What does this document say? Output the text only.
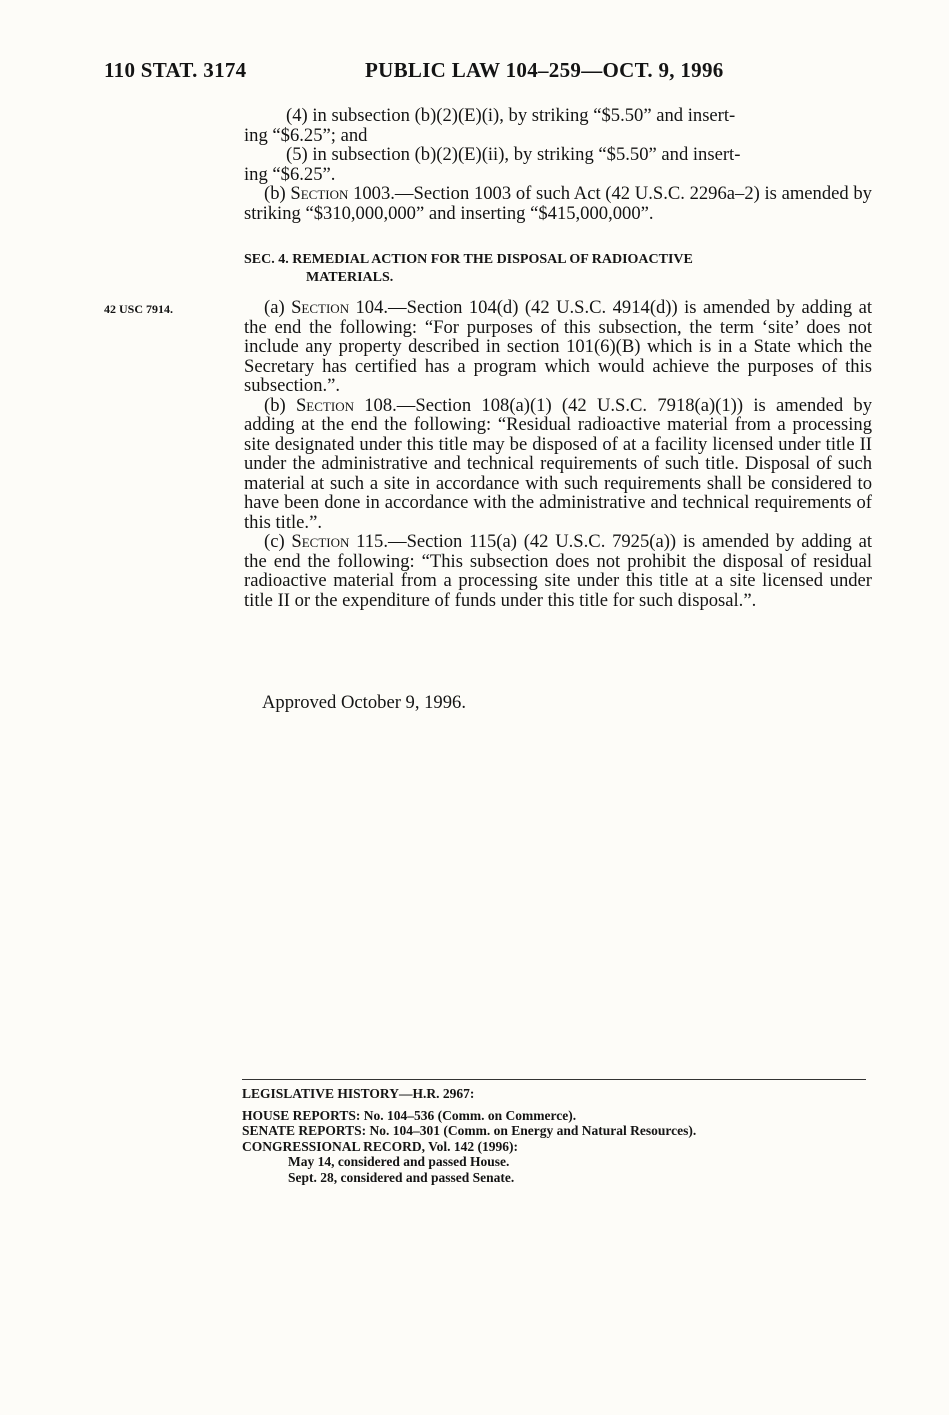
110 STAT. 3174	PUBLIC LAW 104–259—OCT. 9, 1996

(4) in subsection (b)(2)(E)(i), by striking “$5.50” and insert-
ing “$6.25”; and

(5) in subsection (b)(2)(E)(ii), by striking “$5.50” and insert-
ing “$6.25”.

(b) Section 1003.—Section 1003 of such Act (42 U.S.C. 2296a–2) is amended by striking “$310,000,000” and inserting “$415,000,000”.

SEC. 4. REMEDIAL ACTION FOR THE DISPOSAL OF RADIOACTIVE
MATERIALS.
42 USC 7914.	(a) Section 104.—Section 104(d) (42 U.S.C. 4914(d)) is amended by adding at the end the following: “For purposes of this subsection, the term ‘site’ does not include any property described in section 101(6)(B) which is in a State which the Secretary has certified has a program which would achieve the purposes of this subsection.”.

(b) Section 108.—Section 108(a)(1) (42 U.S.C. 7918(a)(1)) is amended by adding at the end the following: “Residual radioactive material from a processing site designated under this title may be disposed of at a facility licensed under title II under the administrative and technical requirements of such title. Disposal of such material at such a site in accordance with such requirements shall be considered to have been done in accordance with the administrative and technical requirements of this title.”.

(c) Section 115.—Section 115(a) (42 U.S.C. 7925(a)) is amended by adding at the end the following: “This subsection does not prohibit the disposal of residual radioactive material from a processing site under this title at a site licensed under title II or the expenditure of funds under this title for such disposal.”.

Approved October 9, 1996.
LEGISLATIVE HISTORY—H.R. 2967:
HOUSE REPORTS: No. 104–536 (Comm. on Commerce).
SENATE REPORTS: No. 104–301 (Comm. on Energy and Natural Resources).
CONGRESSIONAL RECORD, Vol. 142 (1996):
May 14, considered and passed House.
Sept. 28, considered and passed Senate.
